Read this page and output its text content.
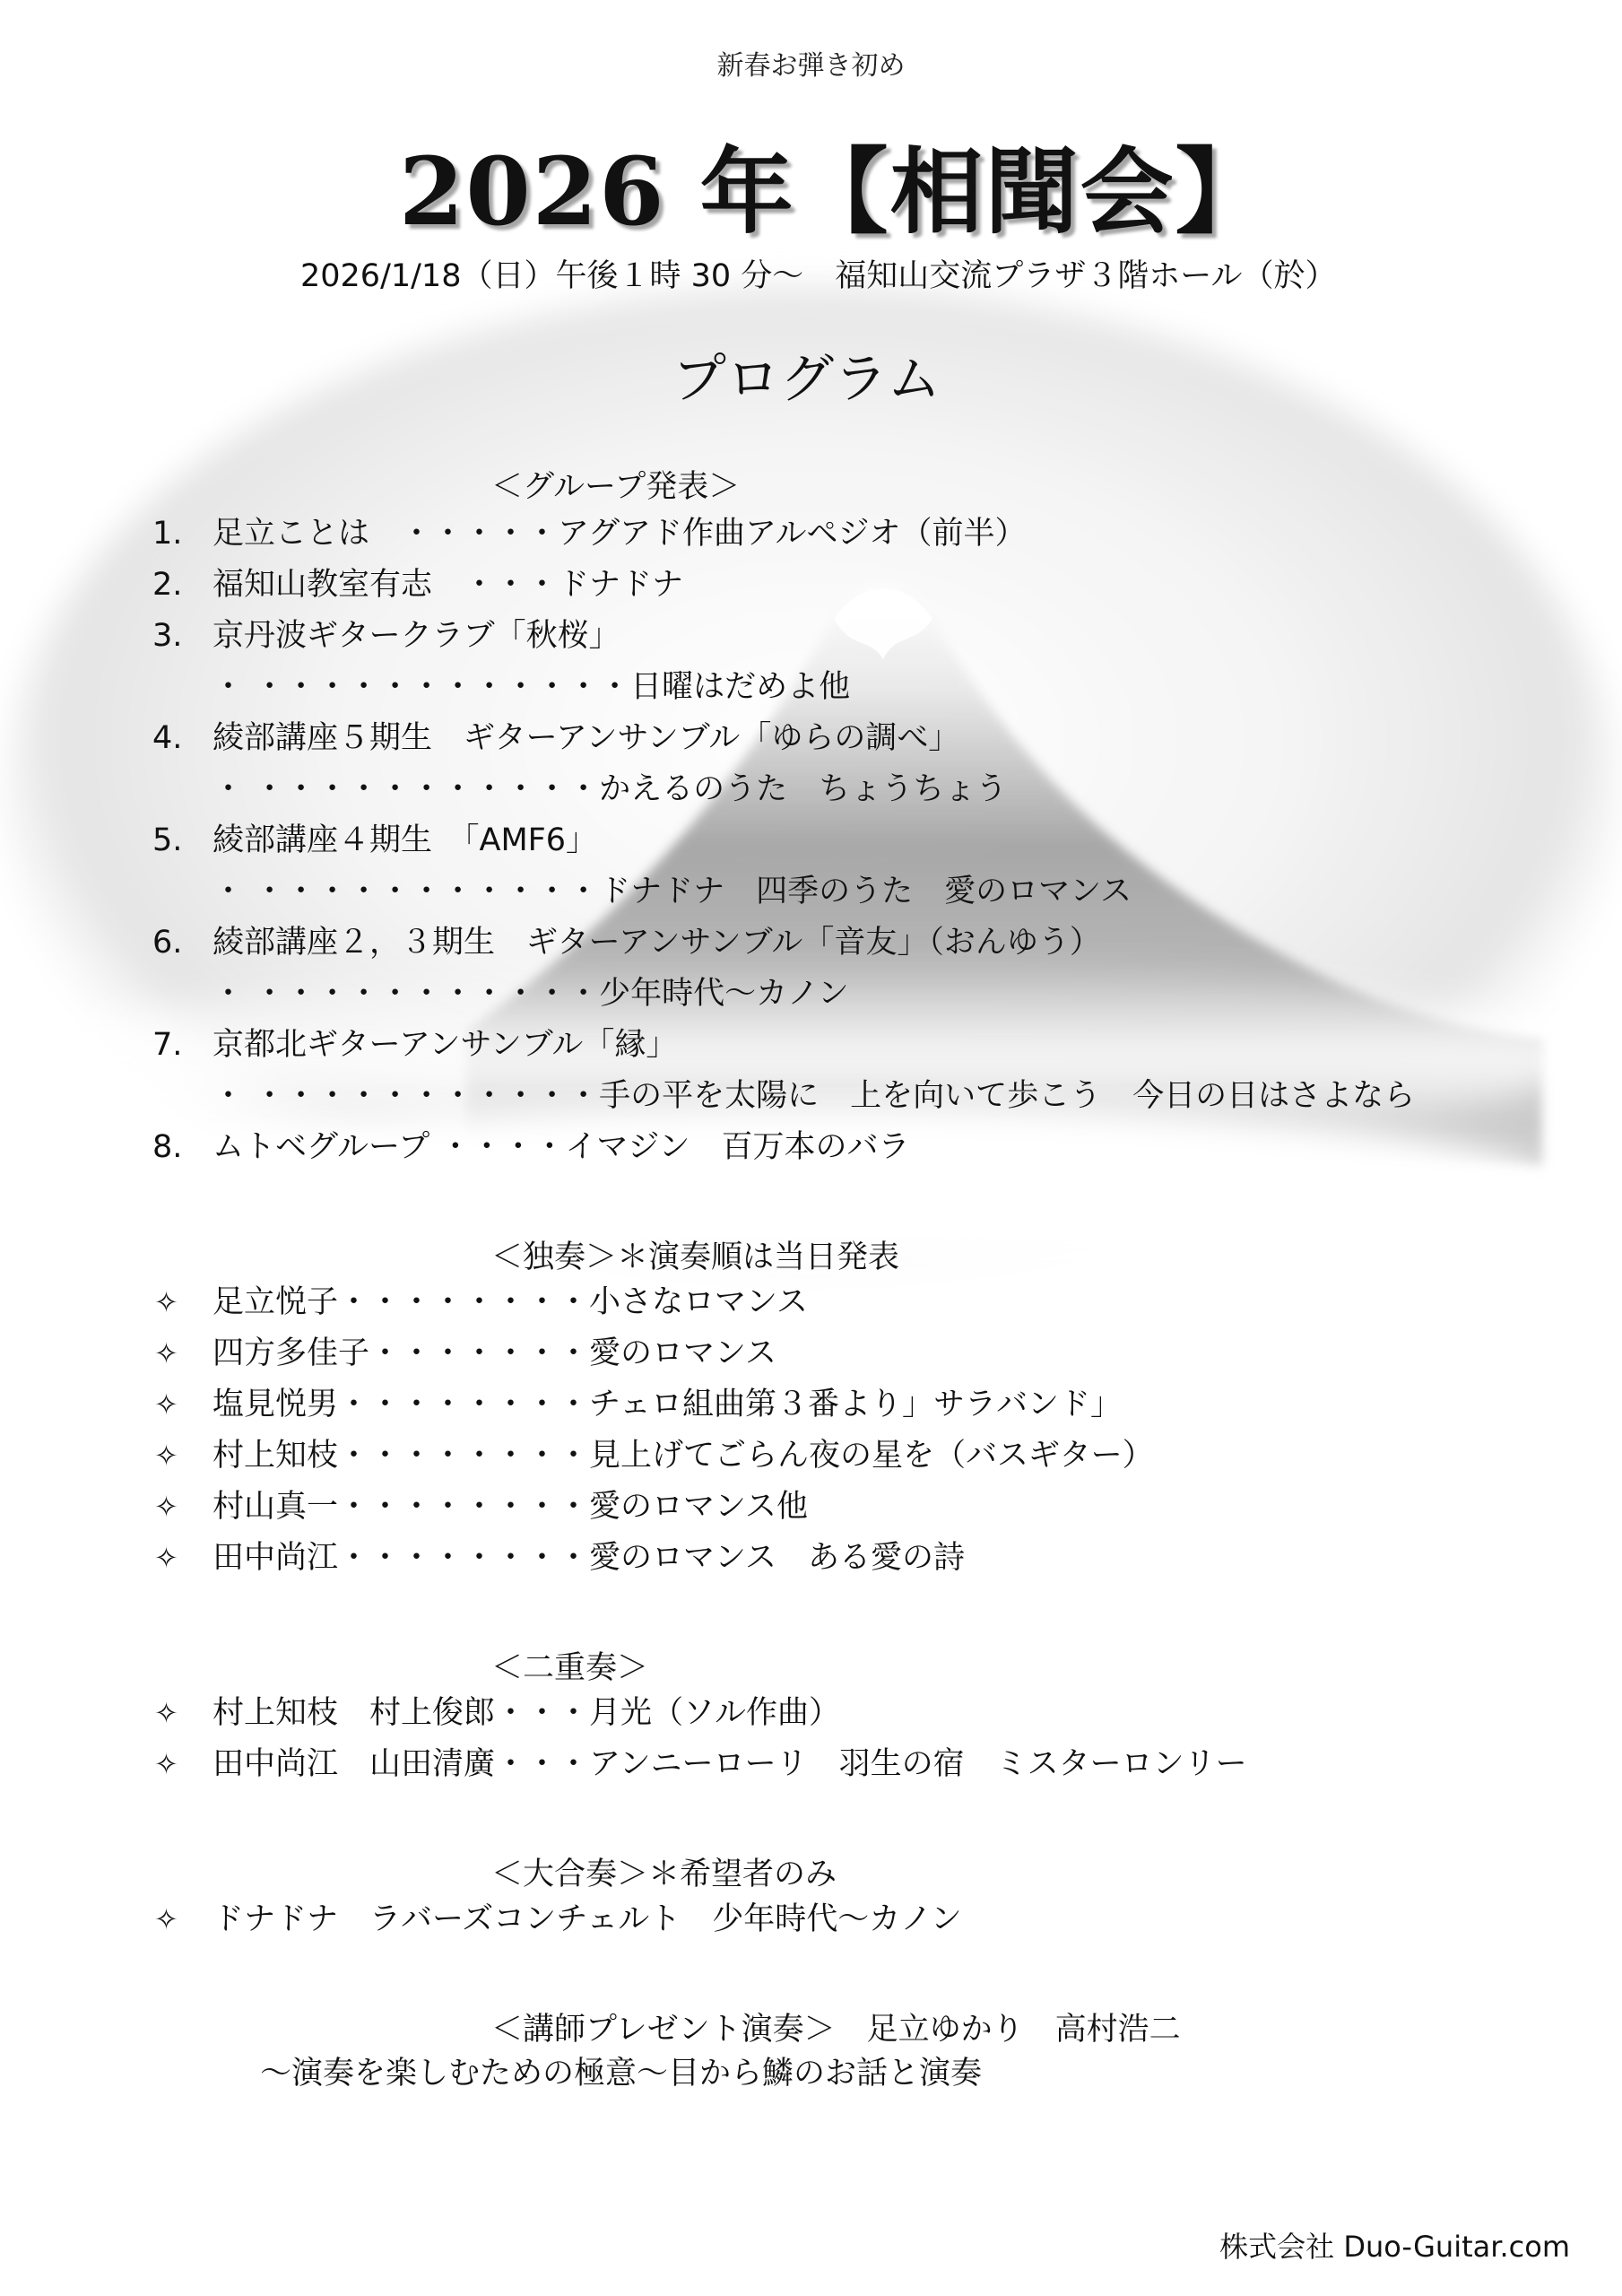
新春お弾き初め
2026 年【相聞会】
2026/1/18（日）午後１時 30 分～　福知山交流プラザ３階ホール（於）
プログラム
＜グループ発表＞
1. 足立ことは　・・・・・アグアド作曲アルペジオ（前半）
2. 福知山教室有志　・・・ドナドナ
3. 京丹波ギタークラブ「秋桜」
・ ・・・・・・・・・・・・日曜はだめよ他
4. 綾部講座５期生　ギターアンサンブル「ゆらの調べ」
・ ・・・・・・・・・・・かえるのうた　ちょうちょう
5. 綾部講座４期生　「AMF6」
・ ・・・・・・・・・・・ドナドナ　四季のうた　愛のロマンス
6. 綾部講座２，３期生　ギターアンサンブル「音友」（おんゆう）
・ ・・・・・・・・・・・少年時代～カノン
7. 京都北ギターアンサンブル「縁」
・ ・・・・・・・・・・・手の平を太陽に　上を向いて歩こう　今日の日はさよなら
8. ムトベグループ ・・・・イマジン　百万本のバラ
＜独奏＞＊演奏順は当日発表
✧ 足立悦子・・・・・・・・小さなロマンス
✧ 四方多佳子・・・・・・・愛のロマンス
✧ 塩見悦男・・・・・・・・チェロ組曲第３番より」サラバンド」
✧ 村上知枝・・・・・・・・見上げてごらん夜の星を（バスギター）
✧ 村山真一・・・・・・・・愛のロマンス他
✧ 田中尚江・・・・・・・・愛のロマンス　ある愛の詩
＜二重奏＞
✧ 村上知枝　村上俊郎・・・月光（ソル作曲）
✧ 田中尚江　山田清廣・・・アンニーローリ　羽生の宿　ミスターロンリー
＜大合奏＞＊希望者のみ
✧ ドナドナ　ラバーズコンチェルト　少年時代～カノン
＜講師プレゼント演奏＞　足立ゆかり　高村浩二
～演奏を楽しむための極意～目から鱗のお話と演奏
株式会社 Duo-Guitar.com
